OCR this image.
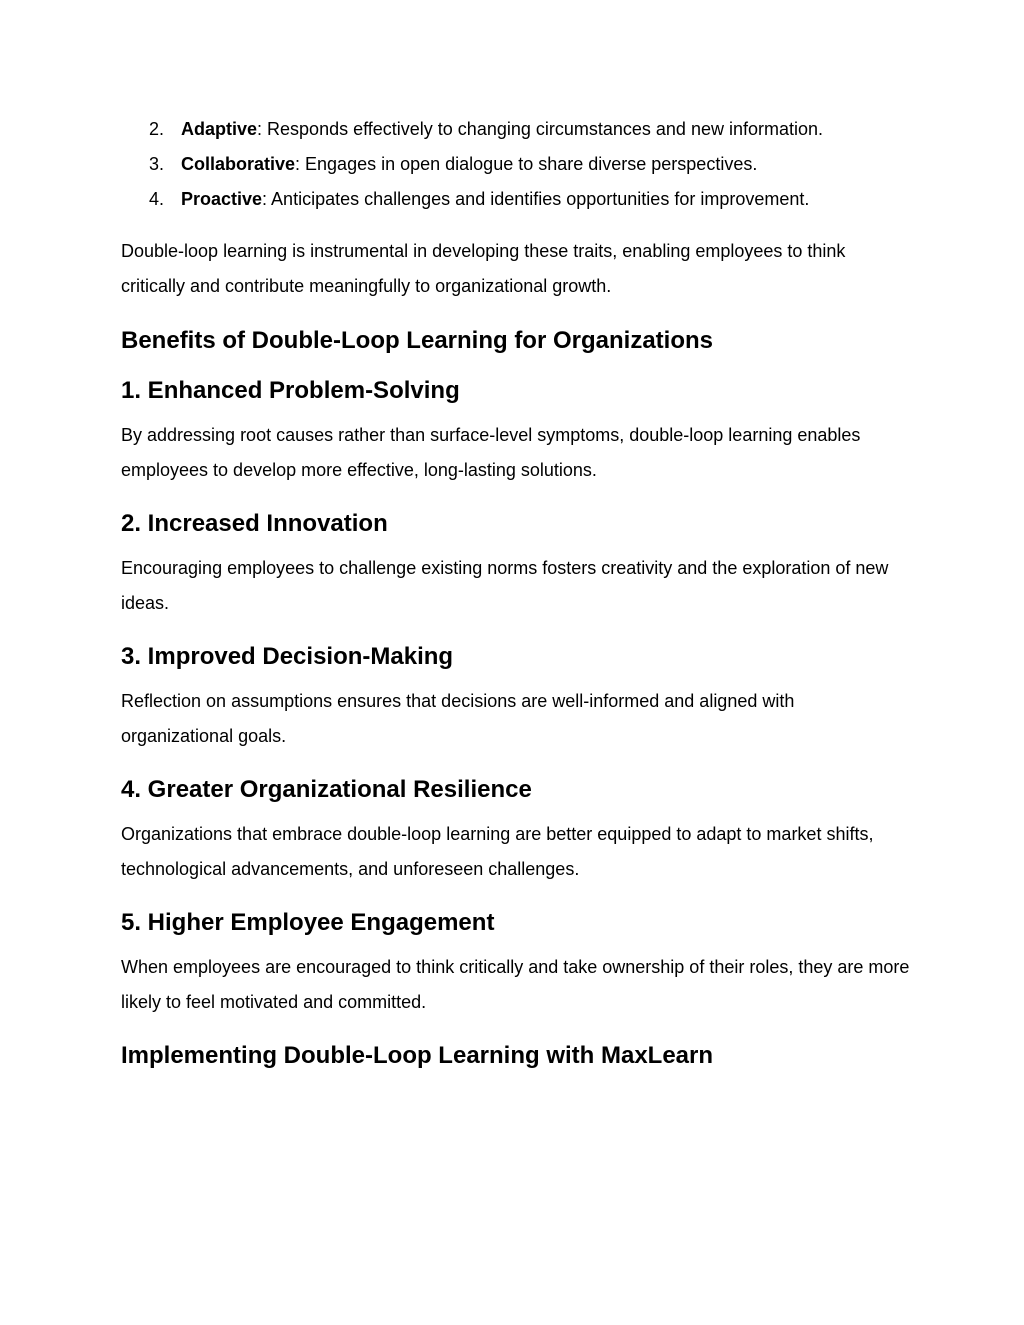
2. Adaptive: Responds effectively to changing circumstances and new information.
3. Collaborative: Engages in open dialogue to share diverse perspectives.
4. Proactive: Anticipates challenges and identifies opportunities for improvement.

Double-loop learning is instrumental in developing these traits, enabling employees to think critically and contribute meaningfully to organizational growth.

Benefits of Double-Loop Learning for Organizations
1. Enhanced Problem-Solving

By addressing root causes rather than surface-level symptoms, double-loop learning enables employees to develop more effective, long-lasting solutions.

2. Increased Innovation

Encouraging employees to challenge existing norms fosters creativity and the exploration of new ideas.

3. Improved Decision-Making

Reflection on assumptions ensures that decisions are well-informed and aligned with organizational goals.

4. Greater Organizational Resilience

Organizations that embrace double-loop learning are better equipped to adapt to market shifts, technological advancements, and unforeseen challenges.

5. Higher Employee Engagement

When employees are encouraged to think critically and take ownership of their roles, they are more likely to feel motivated and committed.

Implementing Double-Loop Learning with MaxLearn
